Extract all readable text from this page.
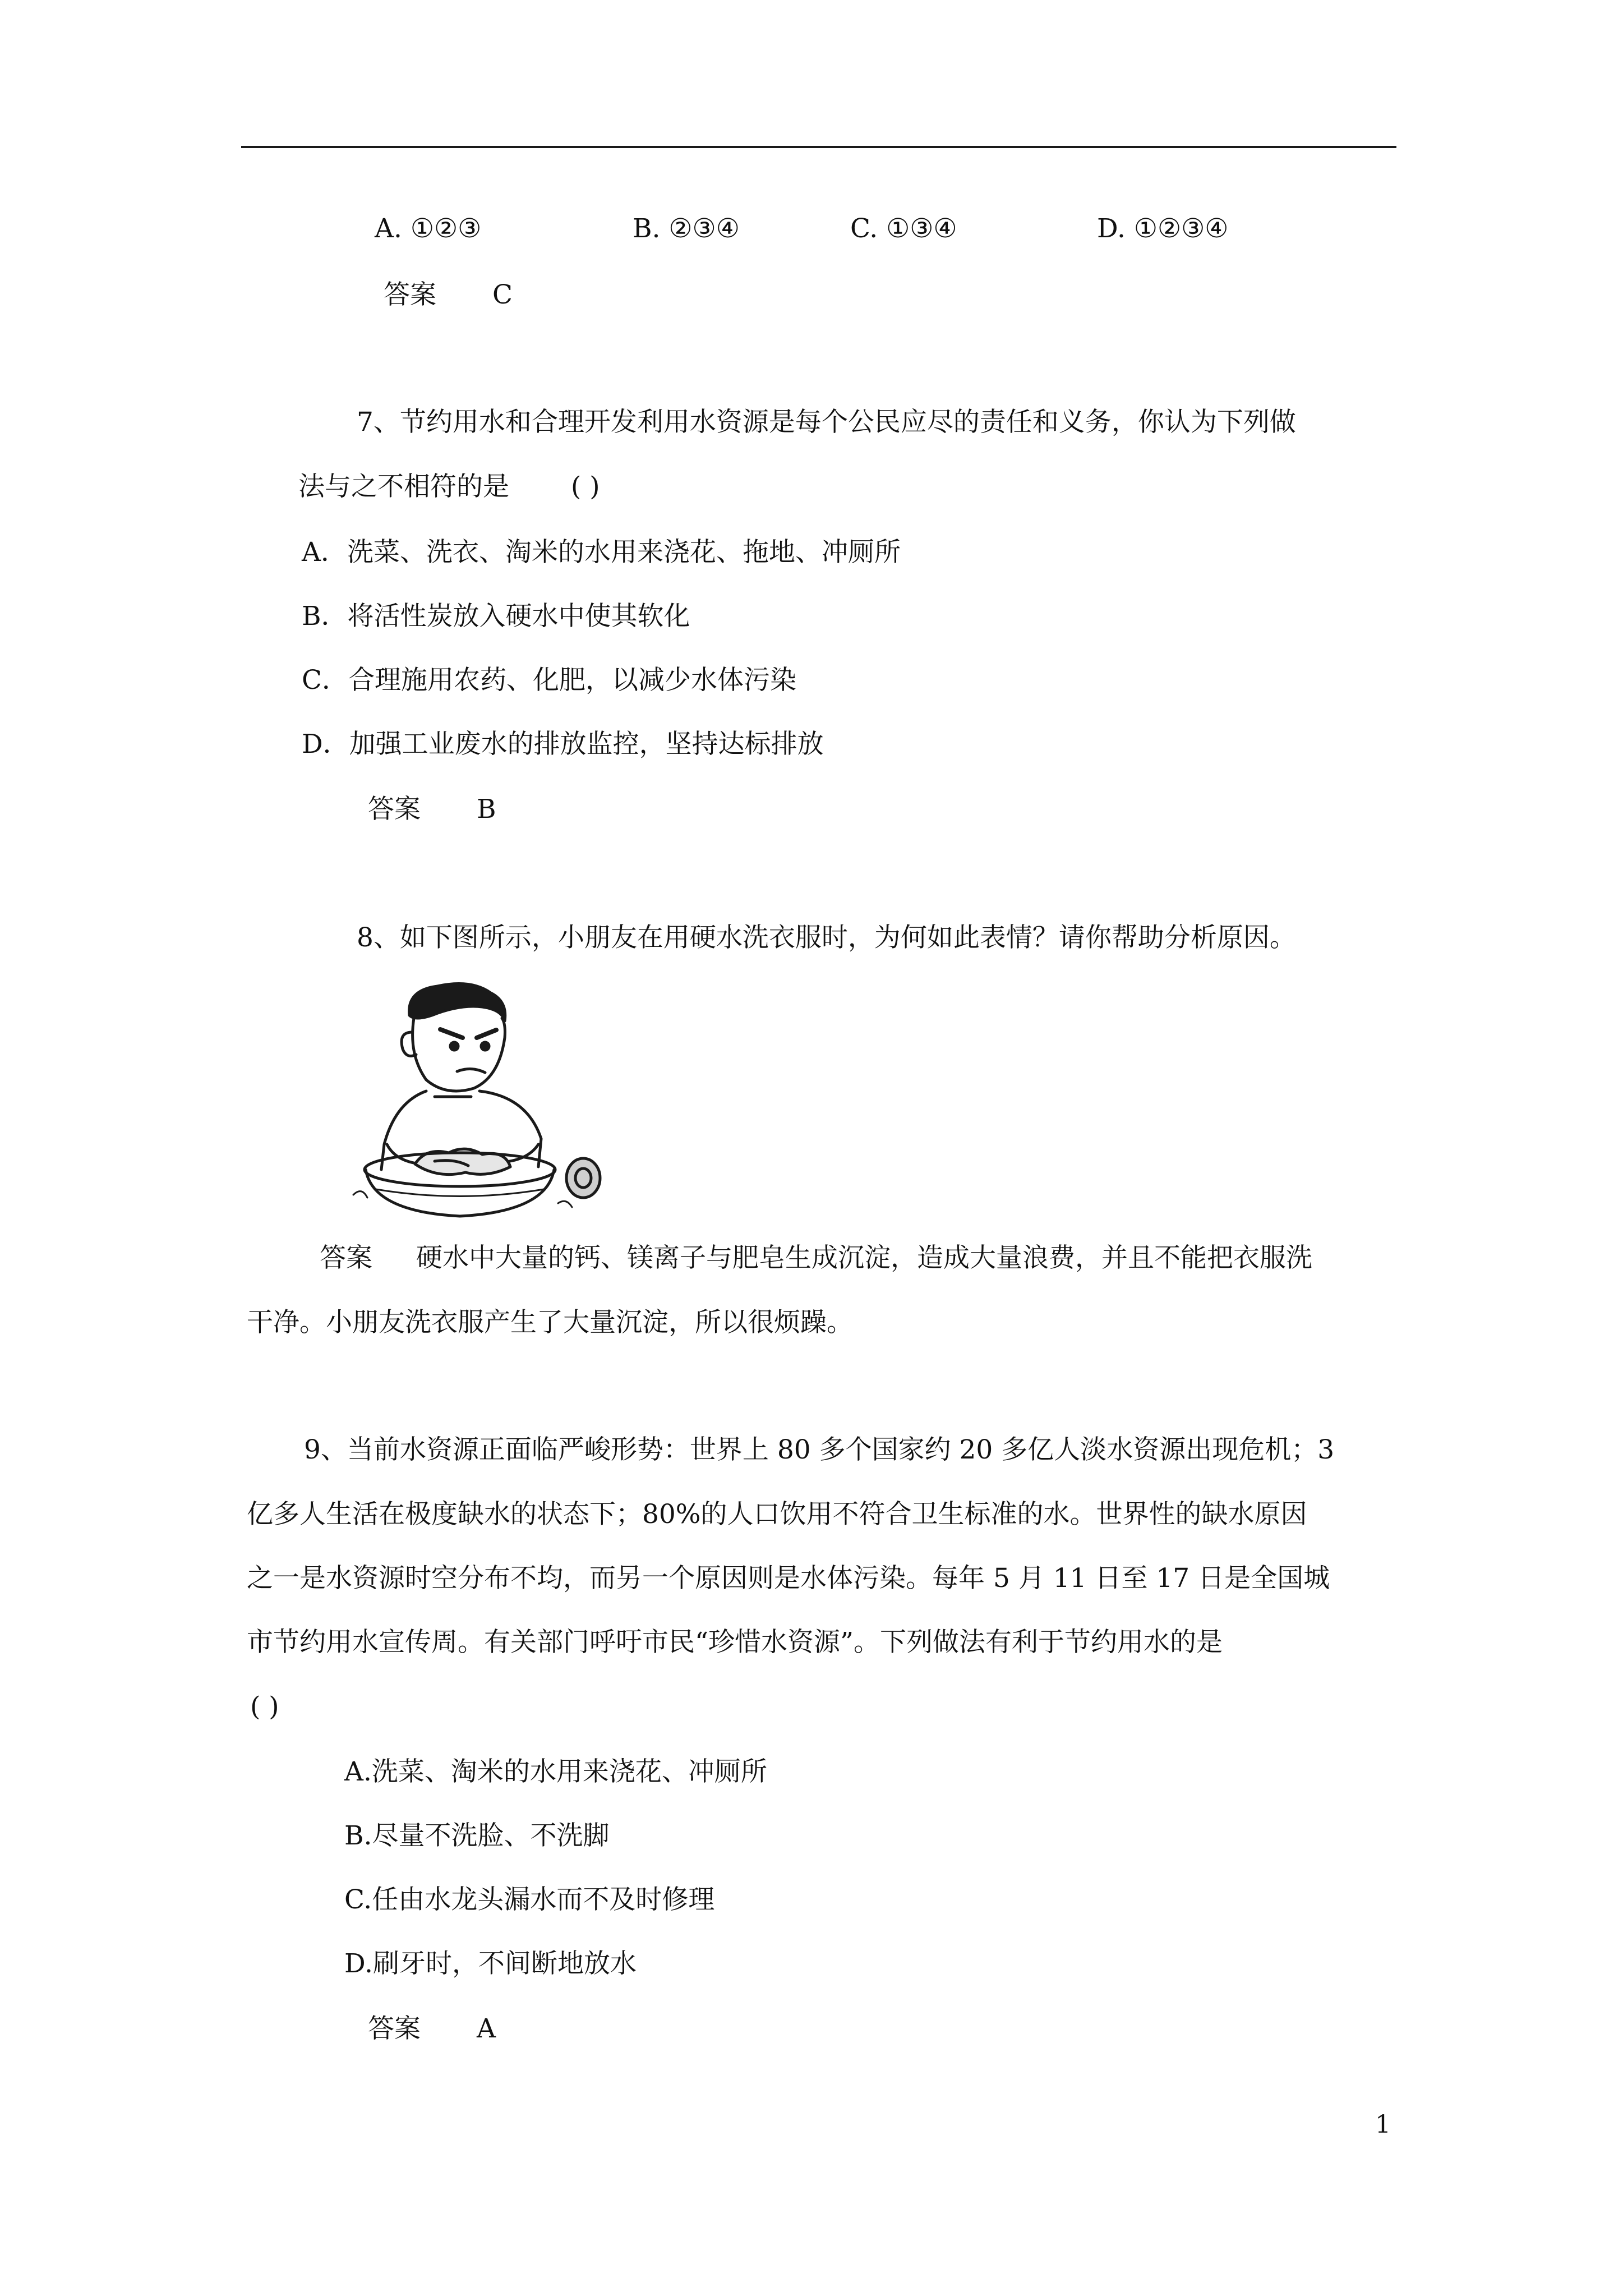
A. ①②③	B. ②③④	C. ①③④	D. ①②③④
答案 C
7、节约用水和合理开发利用水资源是每个公民应尽的责任和义务，你认为下列做
法与之不相符的是 ( )
A．洗菜、洗衣、淘米的水用来浇花、拖地、冲厕所
B．将活性炭放入硬水中使其软化
C．合理施用农药、化肥，以减少水体污染
D．加强工业废水的排放监控，坚持达标排放
答案 B
8、如下图所示，小朋友在用硬水洗衣服时，为何如此表情？请你帮助分析原因。
答案 硬水中大量的钙、镁离子与肥皂生成沉淀，造成大量浪费，并且不能把衣服洗
干净。小朋友洗衣服产生了大量沉淀，所以很烦躁。
9、当前水资源正面临严峻形势：世界上 80 多个国家约 20 多亿人淡水资源出现危机；3
亿多人生活在极度缺水的状态下；80%的人口饮用不符合卫生标准的水。世界性的缺水原因
之一是水资源时空分布不均，而另一个原因则是水体污染。每年 5 月 11 日至 17 日是全国城
市节约用水宣传周。有关部门呼吁市民“珍惜水资源”。下列做法有利于节约用水的是
( )
A.洗菜、淘米的水用来浇花、冲厕所
B.尽量不洗脸、不洗脚
C.任由水龙头漏水而不及时修理
D.刷牙时，不间断地放水
答案 A
1
